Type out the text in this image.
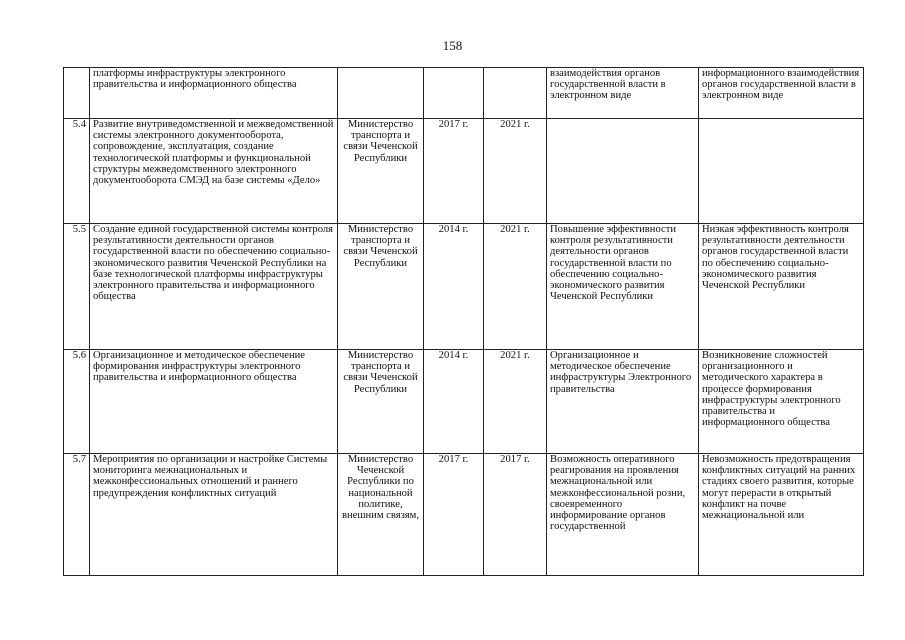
158
	платформы инфраструктуры электронного правительства и информационного общества				взаимодействия органов государственной власти в электронном виде	информационного взаимодействия органов государственной власти в электронном виде
5.4	Развитие внутриведомственной и межведомственной системы электронного документооборота, сопровождение, эксплуатация, создание технологической платформы и функциональной структуры межведомственного электронного документооборота СМЭД на базе системы «Дело»	Министерство транспорта и связи Чеченской Республики	2017 г.	2021 г.		
5.5	Создание единой государственной системы контроля результативности деятельности органов государственной власти по обеспечению социально-экономического развития Чеченской Республики на базе технологической платформы инфраструктуры электронного правительства и информационного общества	Министерство транспорта и связи Чеченской Республики	2014 г.	2021 г.	Повышение эффективности контроля результативности деятельности органов государственной власти по обеспечению социально-экономического развития Чеченской Республики	Низкая эффективность контроля результативности деятельности органов государственной власти по обеспечению социально-экономического развития Чеченской Республики
5.6	Организационное и методическое обеспечение формирования инфраструктуры электронного правительства и информационного общества	Министерство транспорта и связи Чеченской Республики	2014 г.	2021 г.	Организационное и методическое обеспечение инфраструктуры Электронного правительства	Возникновение сложностей организационного и методического характера в процессе формирования инфраструктуры электронного правительства и информационного общества
5.7	Мероприятия по организации и настройке Системы мониторинга межнациональных и межконфессиональных отношений и раннего предупреждения конфликтных ситуаций	Министерство Чеченской Республики по национальной политике, внешним связям,	2017 г.	2017 г.	Возможность оперативного реагирования на проявления межнациональной или межконфессиональной розни, своевременного информирование органов государственной	Невозможность предотвращения конфликтных ситуаций на ранних стадиях своего развития, которые могут перерасти в открытый конфликт на почве межнациональной или
